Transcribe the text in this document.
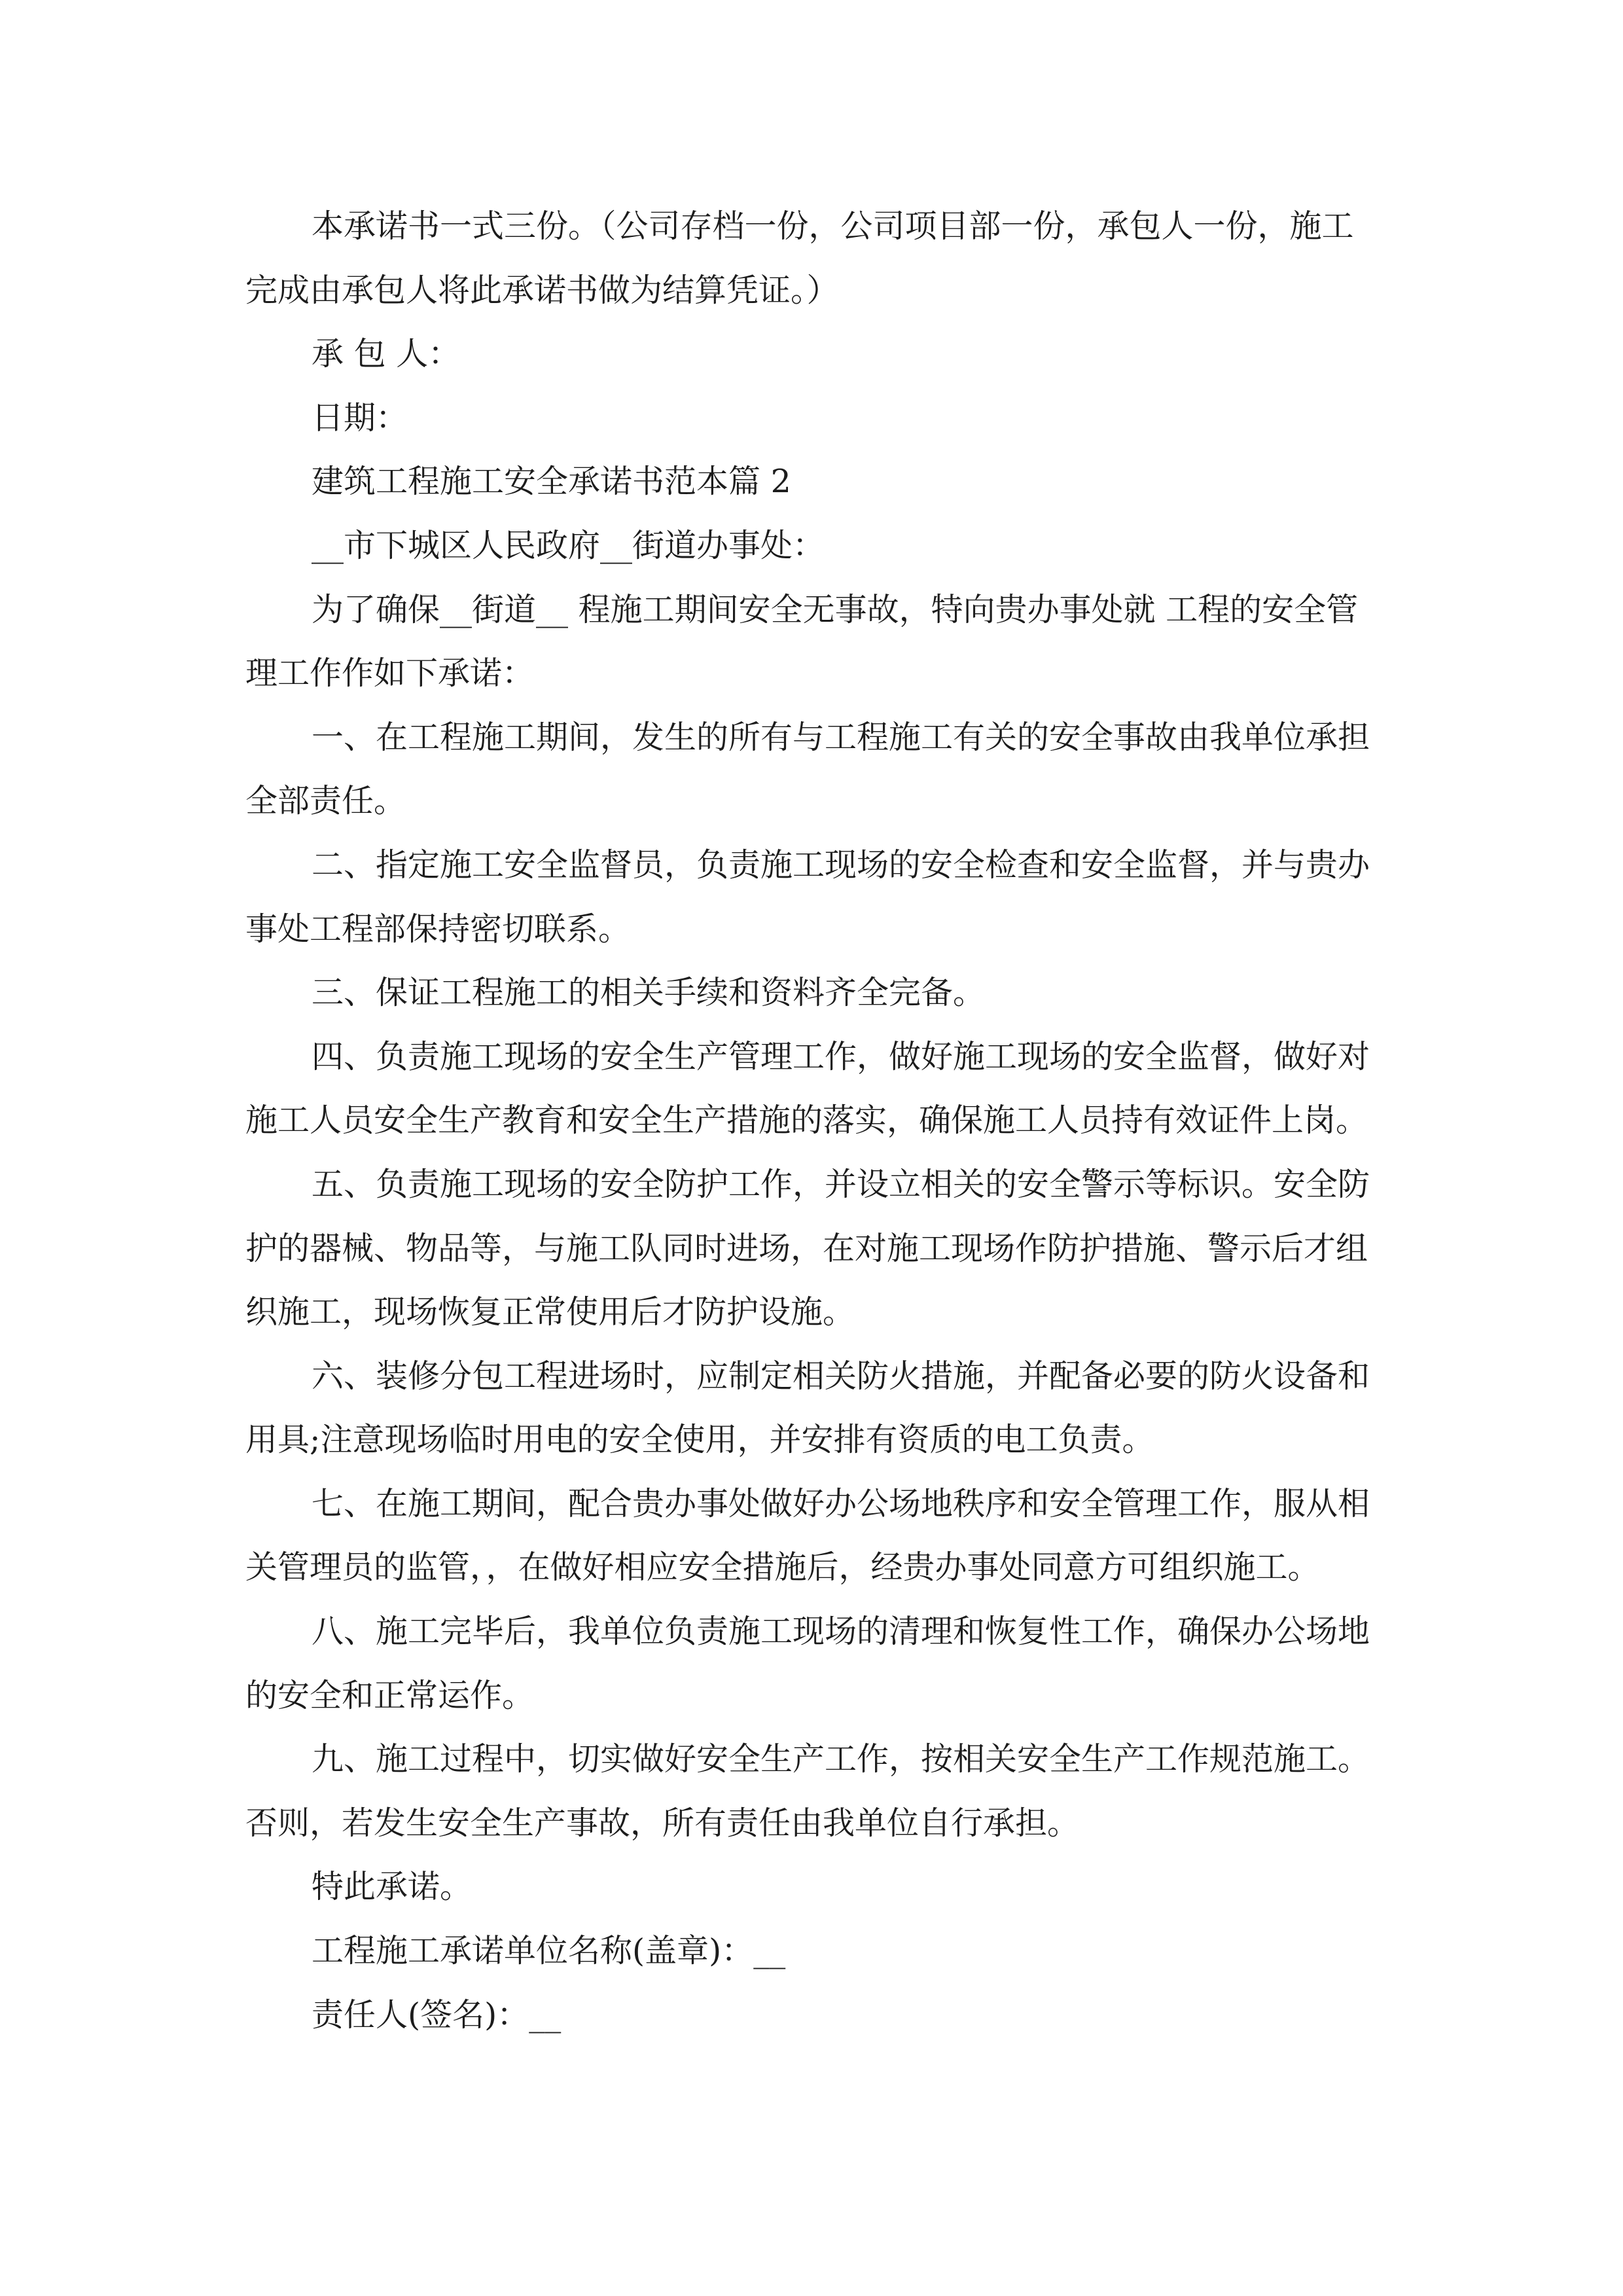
本承诺书一式三份。（公司存档一份，公司项目部一份，承包人一份，施工
完成由承包人将此承诺书做为结算凭证。）
承 包 人：
日期：
建筑工程施工安全承诺书范本篇 2
__市下城区人民政府__街道办事处：
为了确保__街道__ 程施工期间安全无事故，特向贵办事处就 工程的安全管
理工作作如下承诺：
一、在工程施工期间，发生的所有与工程施工有关的安全事故由我单位承担
全部责任。
二、指定施工安全监督员，负责施工现场的安全检查和安全监督，并与贵办
事处工程部保持密切联系。
三、保证工程施工的相关手续和资料齐全完备。
四、负责施工现场的安全生产管理工作，做好施工现场的安全监督，做好对
施工人员安全生产教育和安全生产措施的落实，确保施工人员持有效证件上岗。
五、负责施工现场的安全防护工作，并设立相关的安全警示等标识。安全防
护的器械、物品等，与施工队同时进场，在对施工现场作防护措施、警示后才组
织施工，现场恢复正常使用后才防护设施。
六、装修分包工程进场时，应制定相关防火措施，并配备必要的防火设备和
用具;注意现场临时用电的安全使用，并安排有资质的电工负责。
七、在施工期间，配合贵办事处做好办公场地秩序和安全管理工作，服从相
关管理员的监管，，在做好相应安全措施后，经贵办事处同意方可组织施工。
八、施工完毕后，我单位负责施工现场的清理和恢复性工作，确保办公场地
的安全和正常运作。
九、施工过程中，切实做好安全生产工作，按相关安全生产工作规范施工。
否则，若发生安全生产事故，所有责任由我单位自行承担。
特此承诺。
工程施工承诺单位名称(盖章)：__
责任人(签名)：__
